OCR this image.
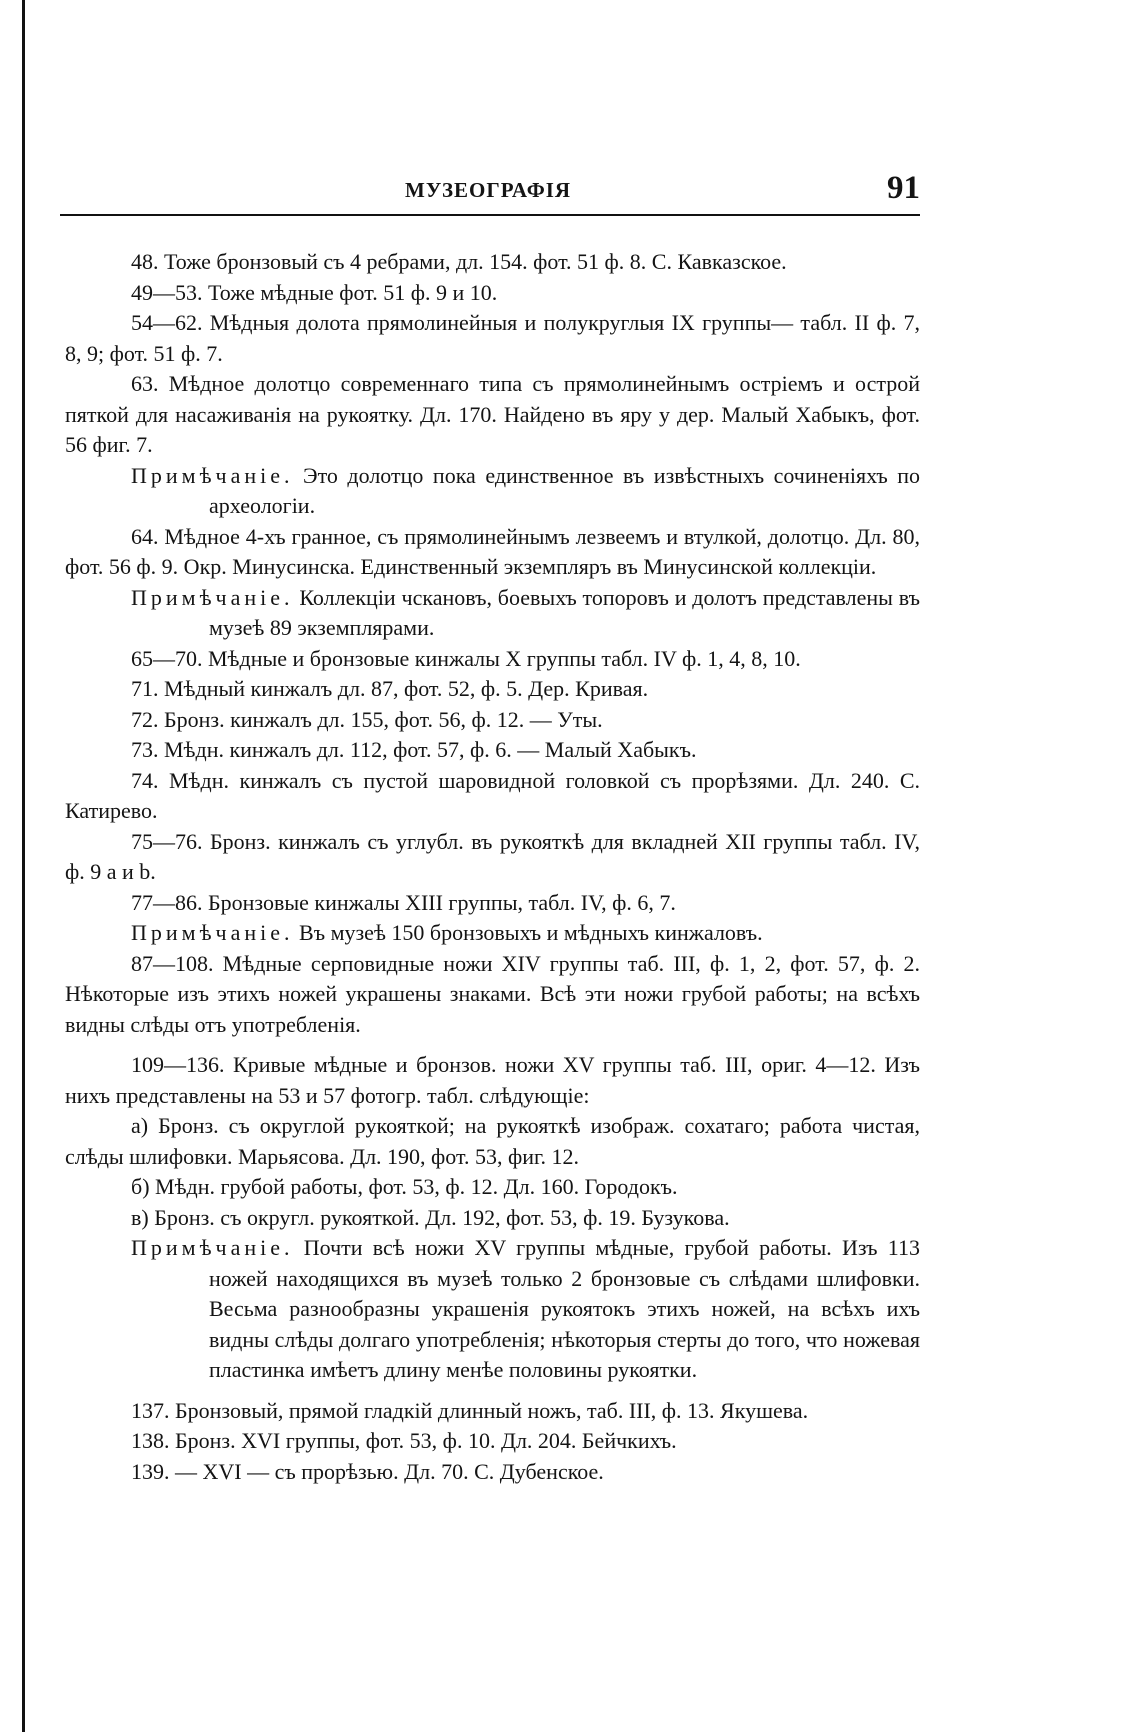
МУЗЕОГРАФІЯ	91

48. Тоже бронзовый съ 4 ребрами, дл. 154. фот. 51 ф. 8. С. Кавказское.

49—53. Тоже мѣдные фот. 51 ф. 9 и 10.

54—62. Мѣдныя долота прямолинейныя и полукруглыя IX группы— табл. II ф. 7, 8, 9; фот. 51 ф. 7.

63. Мѣдное долотцо современнаго типа съ прямолинейнымъ остріемъ и острой пяткой для насаживанія на рукоятку. Дл. 170. Найдено въ яру у дер. Малый Хабыкъ, фот. 56 фиг. 7.

Примѣчаніе. Это долотцо пока единственное въ извѣстныхъ сочиненіяхъ по археологіи.

64. Мѣдное 4-хъ гранное, съ прямолинейнымъ лезвеемъ и втулкой, долотцо. Дл. 80, фот. 56 ф. 9. Окр. Минусинска. Единственный экземпляръ въ Минусинской коллекціи.

Примѣчаніе. Коллекціи чскановъ, боевыхъ топоровъ и долотъ представлены въ музеѣ 89 экземплярами.

65—70. Мѣдные и бронзовые кинжалы X группы табл. IV ф. 1, 4, 8, 10.

71. Мѣдный кинжалъ дл. 87, фот. 52, ф. 5. Дер. Кривая.

72. Бронз. кинжалъ дл. 155, фот. 56, ф. 12. — Уты.

73. Мѣдн. кинжалъ дл. 112, фот. 57, ф. 6. — Малый Хабыкъ.

74. Мѣдн. кинжалъ съ пустой шаровидной головкой съ прорѣзями. Дл. 240. С. Катирево.

75—76. Бронз. кинжалъ съ углубл. въ рукояткѣ для вкладней XII группы табл. IV, ф. 9 а и b.

77—86. Бронзовые кинжалы XIII группы, табл. IV, ф. 6, 7.

Примѣчаніе. Въ музеѣ 150 бронзовыхъ и мѣдныхъ кинжаловъ.

87—108. Мѣдные серповидные ножи XIV группы таб. III, ф. 1, 2, фот. 57, ф. 2. Нѣкоторые изъ этихъ ножей украшены знаками. Всѣ эти ножи грубой работы; на всѣхъ видны слѣды отъ употребленія.

109—136. Кривые мѣдные и бронзов. ножи XV группы таб. III, ориг. 4—12. Изъ нихъ представлены на 53 и 57 фотогр. табл. слѣдующіе:

а) Бронз. съ округлой рукояткой; на рукояткѣ изображ. сохатаго; работа чистая, слѣды шлифовки. Марьясова. Дл. 190, фот. 53, фиг. 12.

б) Мѣдн. грубой работы, фот. 53, ф. 12. Дл. 160. Городокъ.

в) Бронз. съ округл. рукояткой. Дл. 192, фот. 53, ф. 19. Бузукова.

Примѣчаніе. Почти всѣ ножи XV группы мѣдные, грубой работы. Изъ 113 ножей находящихся въ музеѣ только 2 бронзовые съ слѣдами шлифовки. Весьма разнообразны украшенія рукоятокъ этихъ ножей, на всѣхъ ихъ видны слѣды долгаго употребленія; нѣкоторыя стерты до того, что ножевая пластинка имѣетъ длину менѣе половины рукоятки.

137. Бронзовый, прямой гладкій длинный ножъ, таб. III, ф. 13. Якушева.

138. Бронз. XVI группы, фот. 53, ф. 10. Дл. 204. Бейчкихъ.

139. — XVI — съ прорѣзью. Дл. 70. С. Дубенское.
